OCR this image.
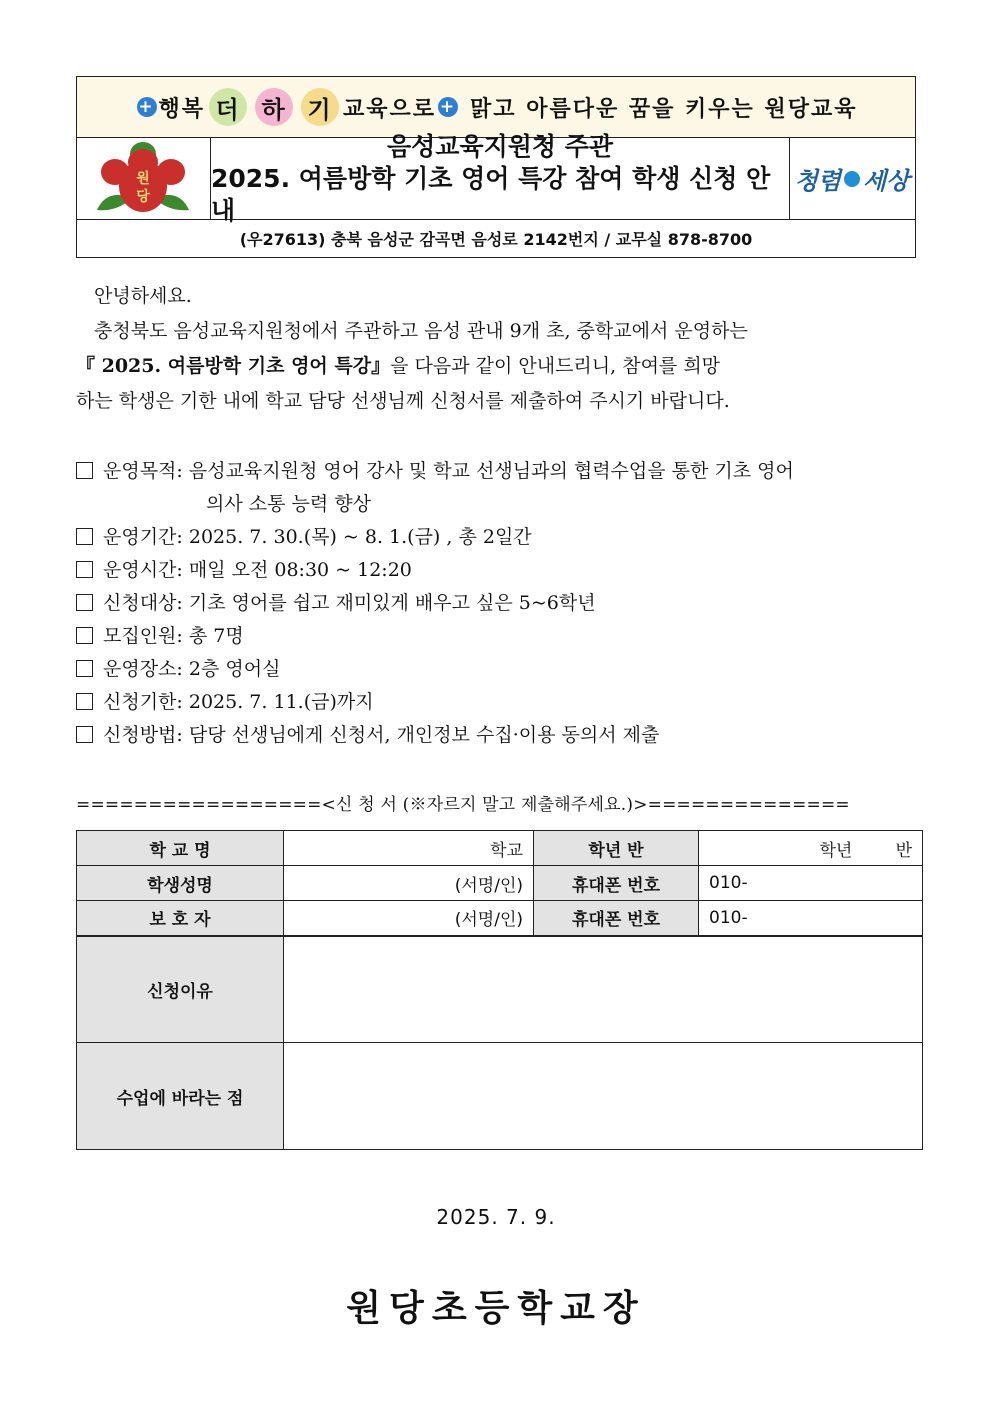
+ 행복 더 하 기 교육으로 + 맑고 아름다운 꿈을 키우는 원당교육
원
당
음성교육지원청 주관
2025. 여름방학 기초 영어 특강 참여 학생 신청 안내
청렴 세상
(우27613) 충북 음성군 감곡면 음성로 2142번지 / 교무실 878-8700
안녕하세요.
충청북도 음성교육지원청에서 주관하고 음성 관내 9개 초, 중학교에서 운영하는
『 2025. 여름방학 기초 영어 특강』을 다음과 같이 안내드리니, 참여를 희망
하는 학생은 기한 내에 학교 담당 선생님께 신청서를 제출하여 주시기 바랍니다.
운영목적: 음성교육지원청 영어 강사 및 학교 선생님과의 협력수업을 통한 기초 영어
의사 소통 능력 향상
운영기간: 2025. 7. 30.(목) ~ 8. 1.(금) , 총 2일간
운영시간: 매일 오전 08:30 ~ 12:20
신청대상: 기초 영어를 쉽고 재미있게 배우고 싶은 5~6학년
모집인원: 총 7명
운영장소: 2층 영어실
신청기한: 2025. 7. 11.(금)까지
신청방법: 담당 선생님에게 신청서, 개인정보 수집·이용 동의서 제출
=================<신 청 서 (※자르지 말고 제출해주세요.)>==============
학 교 명	학교	학년 반	학년        반
학생성명	(서명/인)	휴대폰 번호	010-
보 호 자	(서명/인)	휴대폰 번호	010-
신청이유			
수업에 바라는 점			
2025. 7. 9.
원당초등학교장
